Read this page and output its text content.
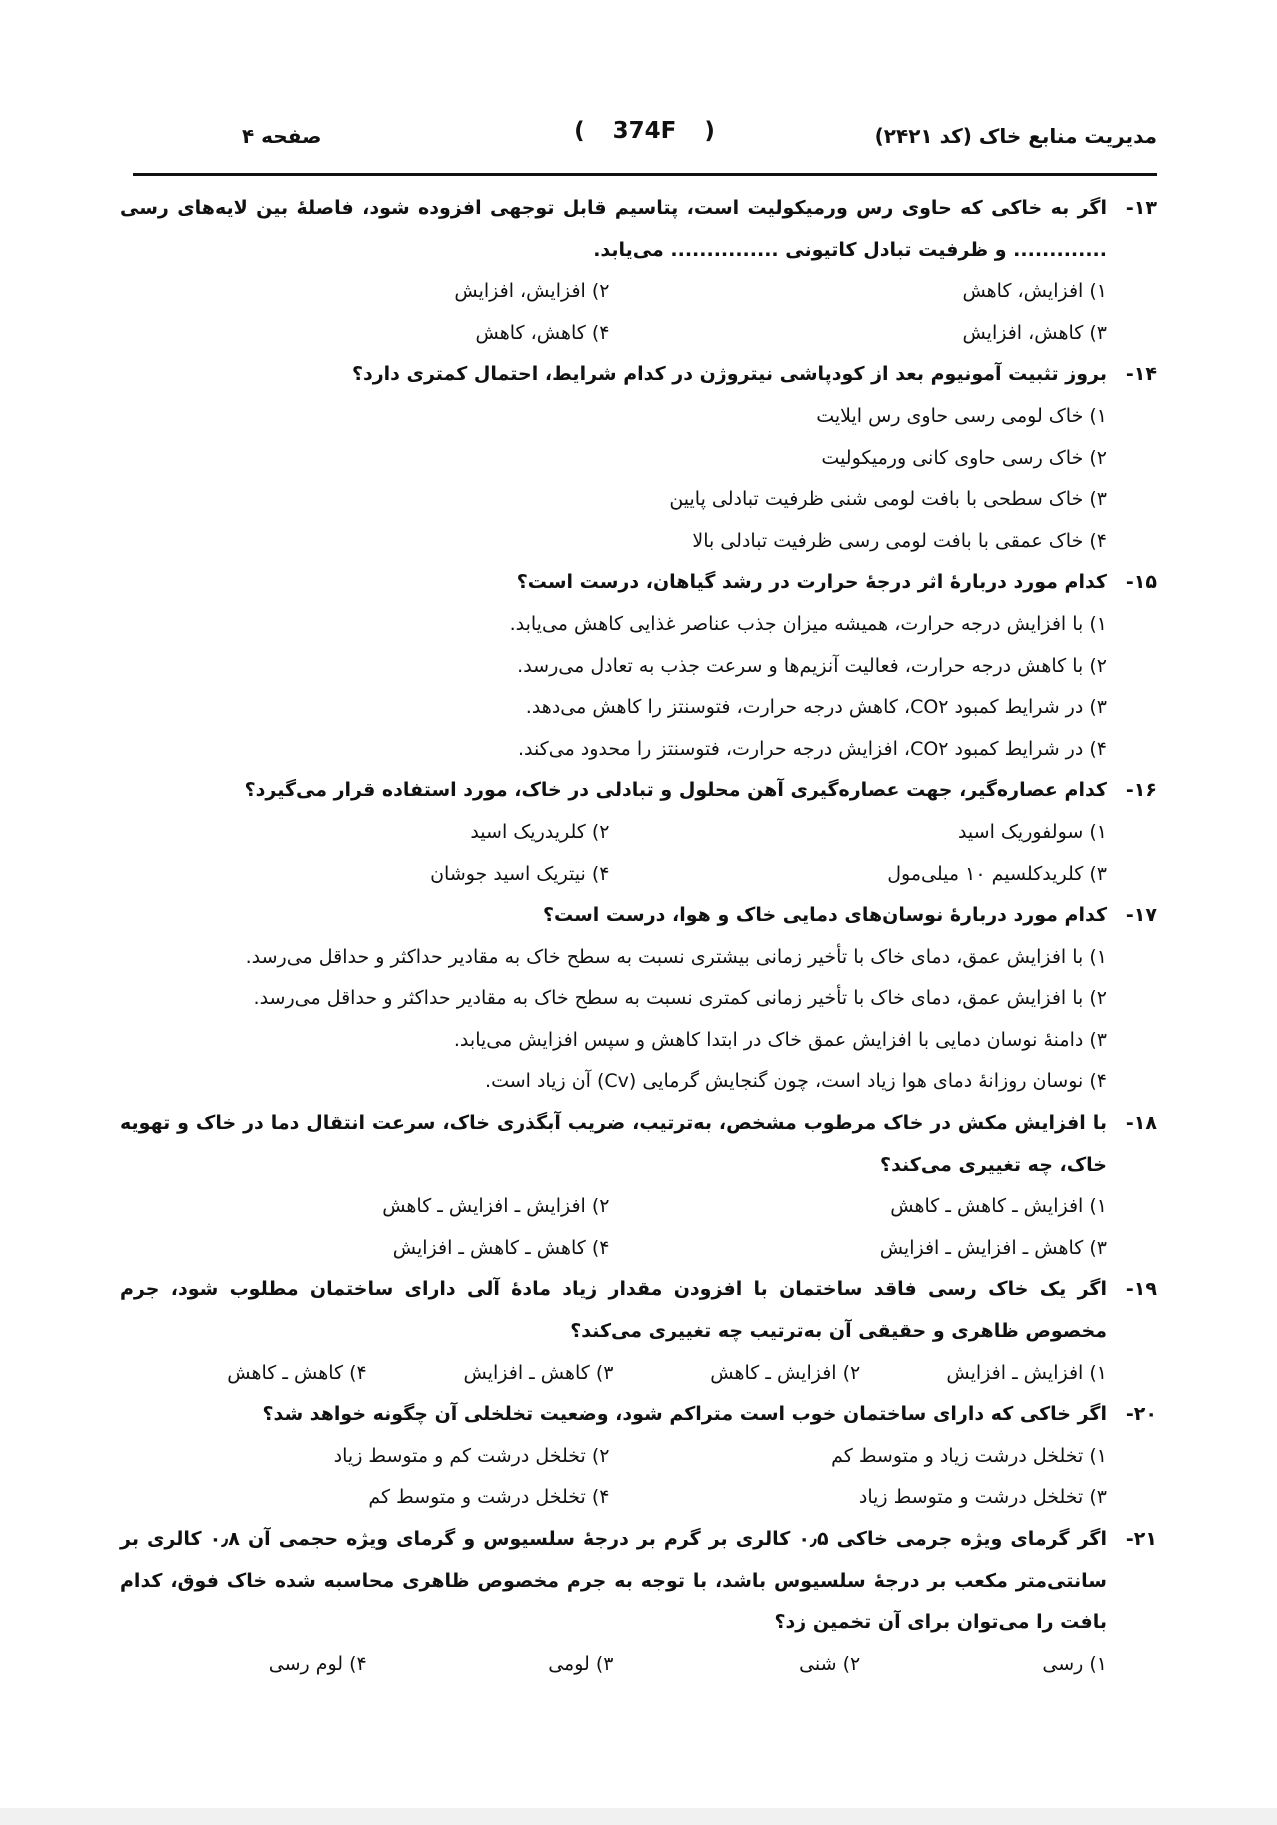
مدیریت منابع خاک (کد ۲۴۲۱)
( 374F )
صفحه ۴
۱۳-
اگر به خاکی که حاوی رس ورمیکولیت است، پتاسیم قابل توجهی افزوده شود، فاصلهٔ بین لایه‌های رسی ............. و ظرفیت تبادل کاتیونی ............... می‌یابد.
۱) افزایش، کاهش
۲) افزایش، افزایش
۳) کاهش، افزایش
۴) کاهش، کاهش
۱۴-
بروز تثبیت آمونیوم بعد از کودپاشی نیتروژن در کدام شرایط، احتمال کمتری دارد؟
۱) خاک لومی رسی حاوی رس ایلایت
۲) خاک رسی حاوی کانی ورمیکولیت
۳) خاک سطحی با بافت لومی شنی ظرفیت تبادلی پایین
۴) خاک عمقی با بافت لومی رسی ظرفیت تبادلی بالا
۱۵-
کدام مورد دربارهٔ اثر درجهٔ حرارت در رشد گیاهان، درست است؟
۱) با افزایش درجه حرارت، همیشه میزان جذب عناصر غذایی کاهش می‌یابد.
۲) با کاهش درجه حرارت، فعالیت آنزیم‌ها و سرعت جذب به تعادل می‌رسد.
۳) در شرایط کمبود CO۲، کاهش درجه حرارت، فتوسنتز را کاهش می‌دهد.
۴) در شرایط کمبود CO۲، افزایش درجه حرارت، فتوسنتز را محدود می‌کند.
۱۶-
کدام عصاره‌گیر، جهت عصاره‌گیری آهن محلول و تبادلی در خاک، مورد استفاده قرار می‌گیرد؟
۱) سولفوریک اسید
۲) کلریدریک اسید
۳) کلریدکلسیم ۱۰ میلی‌مول
۴) نیتریک اسید جوشان
۱۷-
کدام مورد دربارهٔ نوسان‌های دمایی خاک و هوا، درست است؟
۱) با افزایش عمق، دمای خاک با تأخیر زمانی بیشتری نسبت به سطح خاک به مقادیر حداکثر و حداقل می‌رسد.
۲) با افزایش عمق، دمای خاک با تأخیر زمانی کمتری نسبت به سطح خاک به مقادیر حداکثر و حداقل می‌رسد.
۳) دامنهٔ نوسان دمایی با افزایش عمق خاک در ابتدا کاهش و سپس افزایش می‌یابد.
۴) نوسان روزانهٔ دمای هوا زیاد است، چون گنجایش گرمایی (Cv) آن زیاد است.
۱۸-
با افزایش مکش در خاک مرطوب مشخص، به‌ترتیب، ضریب آبگذری خاک، سرعت انتقال دما در خاک و تهویه خاک، چه تغییری می‌کند؟
۱) افزایش ـ کاهش ـ کاهش
۲) افزایش ـ افزایش ـ کاهش
۳) کاهش ـ افزایش ـ افزایش
۴) کاهش ـ کاهش ـ افزایش
۱۹-
اگر یک خاک رسی فاقد ساختمان با افزودن مقدار زیاد مادهٔ آلی دارای ساختمان مطلوب شود، جرم مخصوص ظاهری و حقیقی آن به‌ترتیب چه تغییری می‌کند؟
۱) افزایش ـ افزایش
۲) افزایش ـ کاهش
۳) کاهش ـ افزایش
۴) کاهش ـ کاهش
۲۰-
اگر خاکی که دارای ساختمان خوب است متراکم شود، وضعیت تخلخلی آن چگونه خواهد شد؟
۱) تخلخل درشت زیاد و متوسط کم
۲) تخلخل درشت کم و متوسط زیاد
۳) تخلخل درشت و متوسط زیاد
۴) تخلخل درشت و متوسط کم
۲۱-
اگر گرمای ویژه جرمی خاکی ۰٫۵ کالری بر گرم بر درجهٔ سلسیوس و گرمای ویژه حجمی آن ۰٫۸ کالری بر سانتی‌متر مکعب بر درجهٔ سلسیوس باشد، با توجه به جرم مخصوص ظاهری محاسبه شده خاک فوق، کدام بافت را می‌توان برای آن تخمین زد؟
۱) رسی
۲) شنی
۳) لومی
۴) لوم رسی
